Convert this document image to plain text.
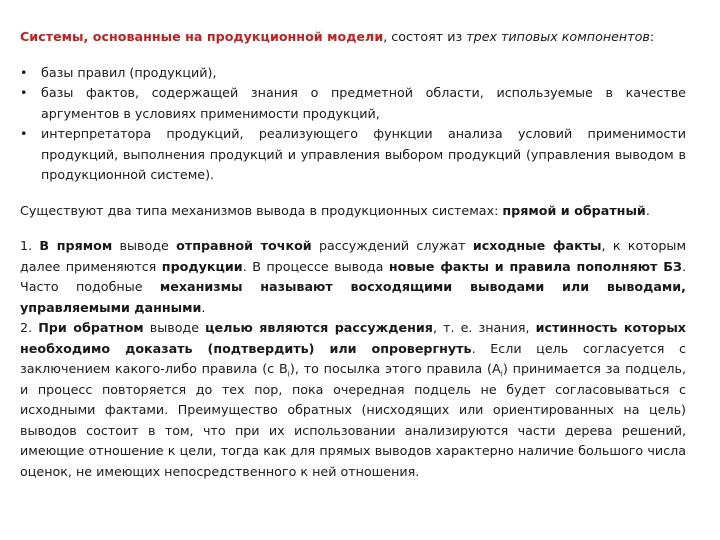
Системы, основанные на продукционной модели, состоят из трех типовых компонентов:

• базы правил (продукций),
• базы фактов, содержащей знания о предметной области, используемые в качестве аргументов в условиях применимости продукций,
• интерпретатора продукций, реализующего функции анализа условий применимости продукций, выполнения продукций и управления выбором продукций (управления выводом в продукционной системе).

Существуют два типа механизмов вывода в продукционных системах: прямой и обратный.

1. В прямом выводе отправной точкой рассуждений служат исходные факты, к которым далее применяются продукции. В процессе вывода новые факты и правила пополняют БЗ. Часто подобные механизмы называют восходящими выводами или выводами, управляемыми данными.

2. При обратном выводе целью являются рассуждения, т. е. знания, истинность которых необходимо доказать (подтвердить) или опровергнуть. Если цель согласуется с заключением какого-либо правила (с $B_i$), то посылка этого правила $(A_i)$ принимается за подцель, и процесс повторяется до тех пор, пока очередная подцель не будет согласовываться с исходными фактами. Преимущество обратных (нисходящих или ориентированных на цель) выводов состоит в том, что при их использовании анализируются части дерева решений, имеющие отношение к цели, тогда как для прямых выводов характерно наличие большого числа оценок, не имеющих непосредственного к ней отношения.
